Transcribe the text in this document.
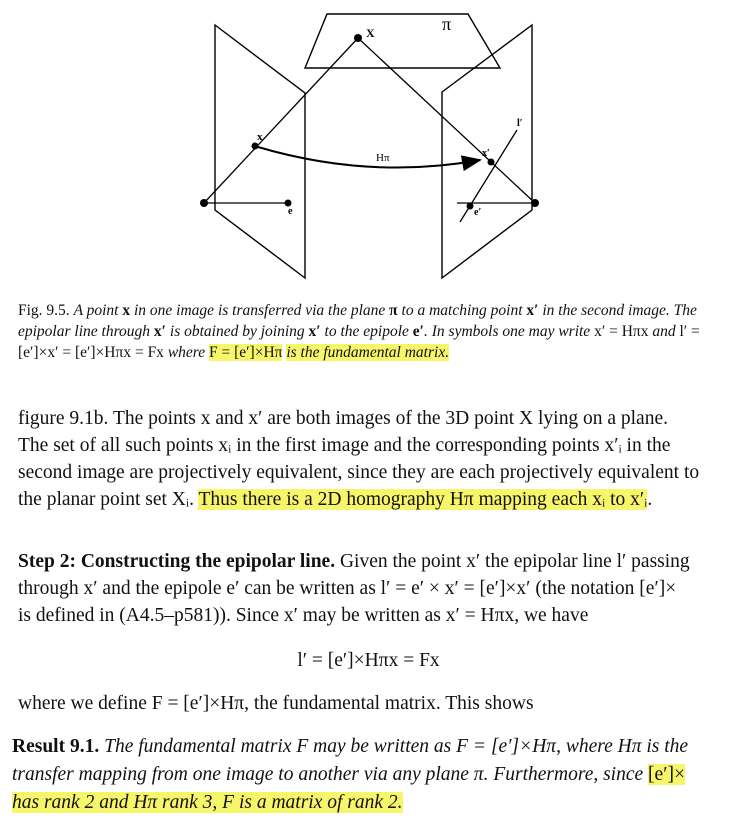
π
X
x
e
Hπ	x′
l′
e′
Fig. 9.5. A point x in one image is transferred via the plane π to a matching point x′ in the second image. The epipolar line through x′ is obtained by joining x′ to the epipole e′. In symbols one may write x′ = Hπx and l′ = [e′]×x′ = [e′]×Hπx = Fx where F = [e′]×Hπ is the fundamental matrix.
figure 9.1b. The points x and x′ are both images of the 3D point X lying on a plane.
The set of all such points xᵢ in the first image and the corresponding points x′ᵢ in the
second image are projectively equivalent, since they are each projectively equivalent to
the planar point set Xᵢ. Thus there is a 2D homography Hπ mapping each xᵢ to x′ᵢ.
Step 2: Constructing the epipolar line. Given the point x′ the epipolar line l′ passing
through x′ and the epipole e′ can be written as l′ = e′ × x′ = [e′]×x′ (the notation [e′]×
is defined in (A4.5–p581)). Since x′ may be written as x′ = Hπx, we have
l′ = [e′]×Hπx = Fx
where we define F = [e′]×Hπ, the fundamental matrix. This shows
Result 9.1. The fundamental matrix F may be written as F = [e′]×Hπ, where Hπ is the
transfer mapping from one image to another via any plane π. Furthermore, since [e′]×
has rank 2 and Hπ rank 3, F is a matrix of rank 2.
